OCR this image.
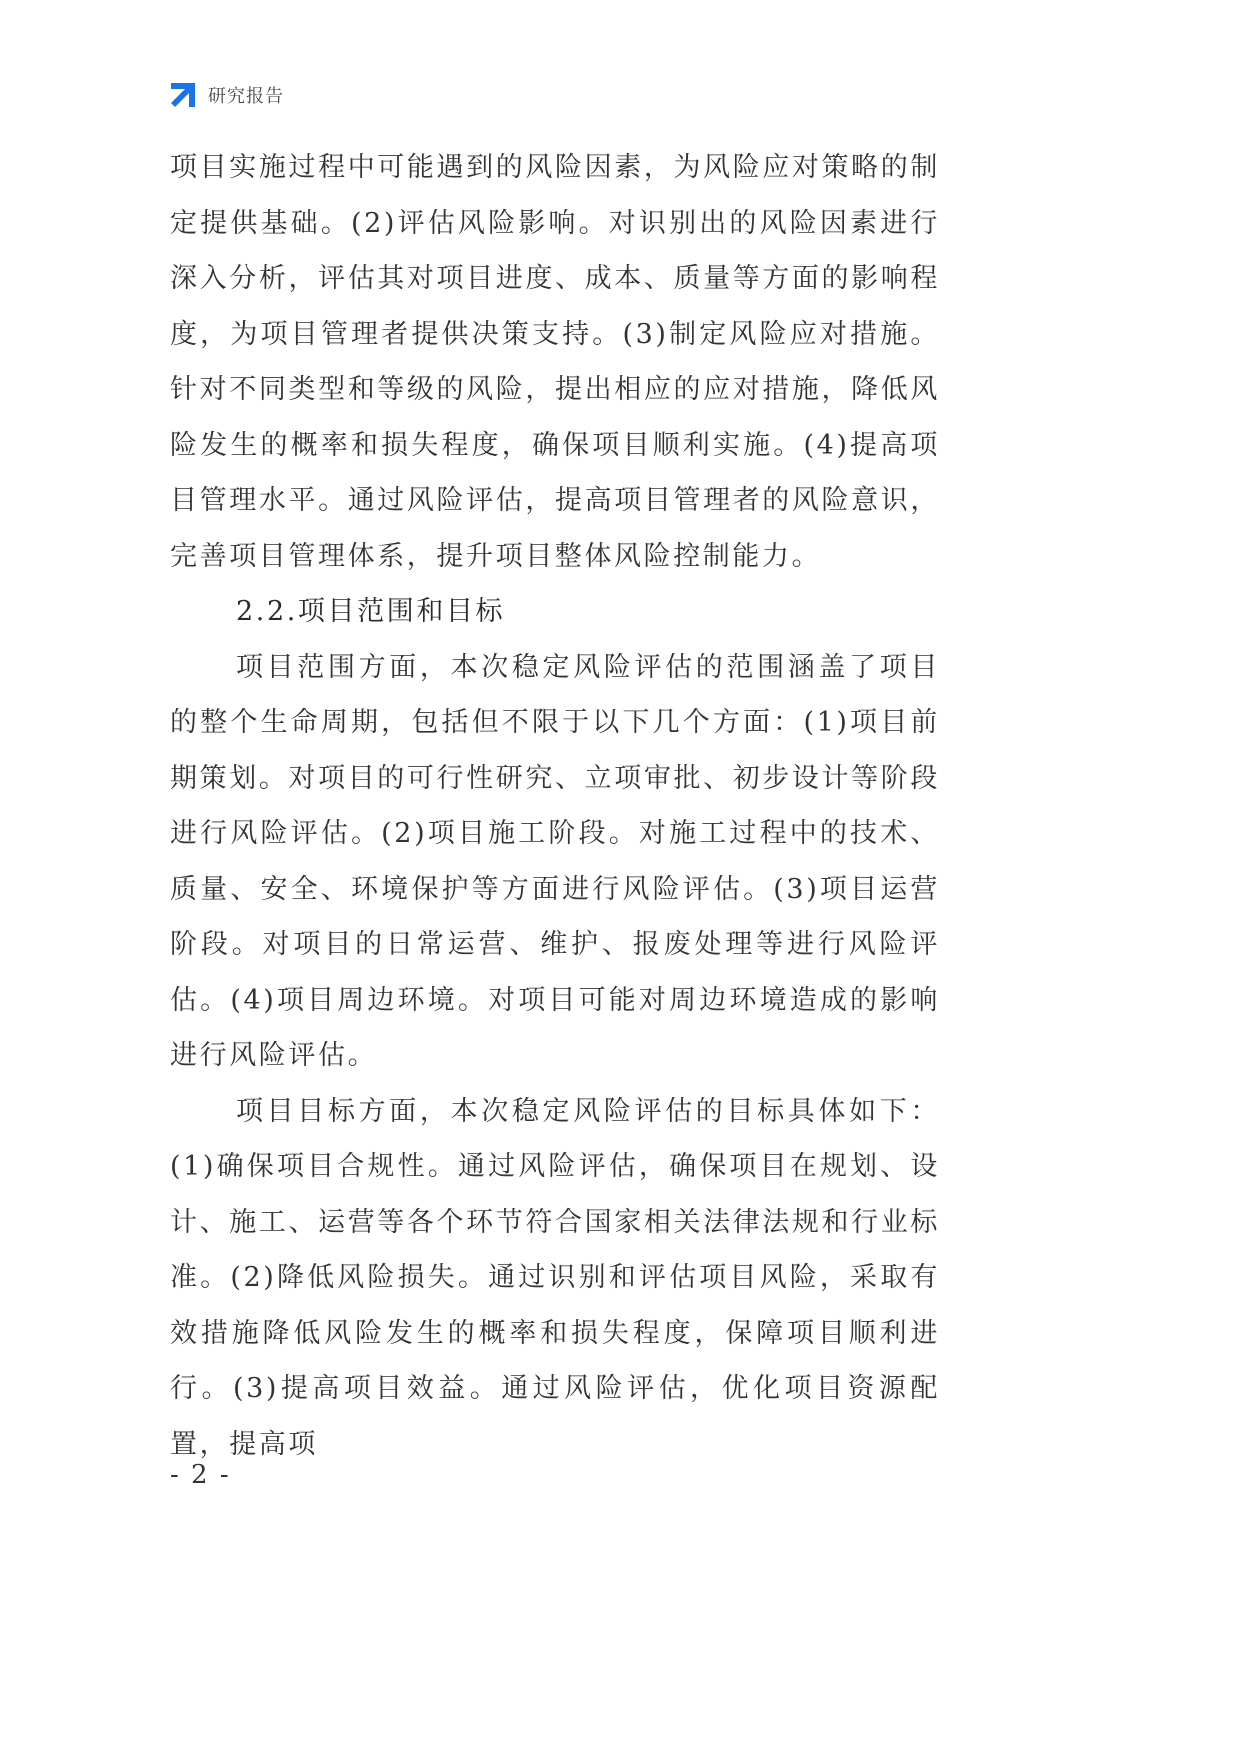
研究报告

项目实施过程中可能遇到的风险因素，为风险应对策略的制定提供基础。(2)评估风险影响。对识别出的风险因素进行深入分析，评估其对项目进度、成本、质量等方面的影响程度，为项目管理者提供决策支持。(3)制定风险应对措施。针对不同类型和等级的风险，提出相应的应对措施，降低风险发生的概率和损失程度，确保项目顺利实施。(4)提高项目管理水平。通过风险评估，提高项目管理者的风险意识，完善项目管理体系，提升项目整体风险控制能力。

2.2.项目范围和目标

项目范围方面，本次稳定风险评估的范围涵盖了项目的整个生命周期，包括但不限于以下几个方面：(1)项目前期策划。对项目的可行性研究、立项审批、初步设计等阶段进行风险评估。(2)项目施工阶段。对施工过程中的技术、质量、安全、环境保护等方面进行风险评估。(3)项目运营阶段。对项目的日常运营、维护、报废处理等进行风险评估。(4)项目周边环境。对项目可能对周边环境造成的影响进行风险评估。

项目目标方面，本次稳定风险评估的目标具体如下：(1)确保项目合规性。通过风险评估，确保项目在规划、设计、施工、运营等各个环节符合国家相关法律法规和行业标准。(2)降低风险损失。通过识别和评估项目风险，采取有效措施降低风险发生的概率和损失程度，保障项目顺利进行。(3)提高项目效益。通过风险评估，优化项目资源配置，提高项

- 2 -
